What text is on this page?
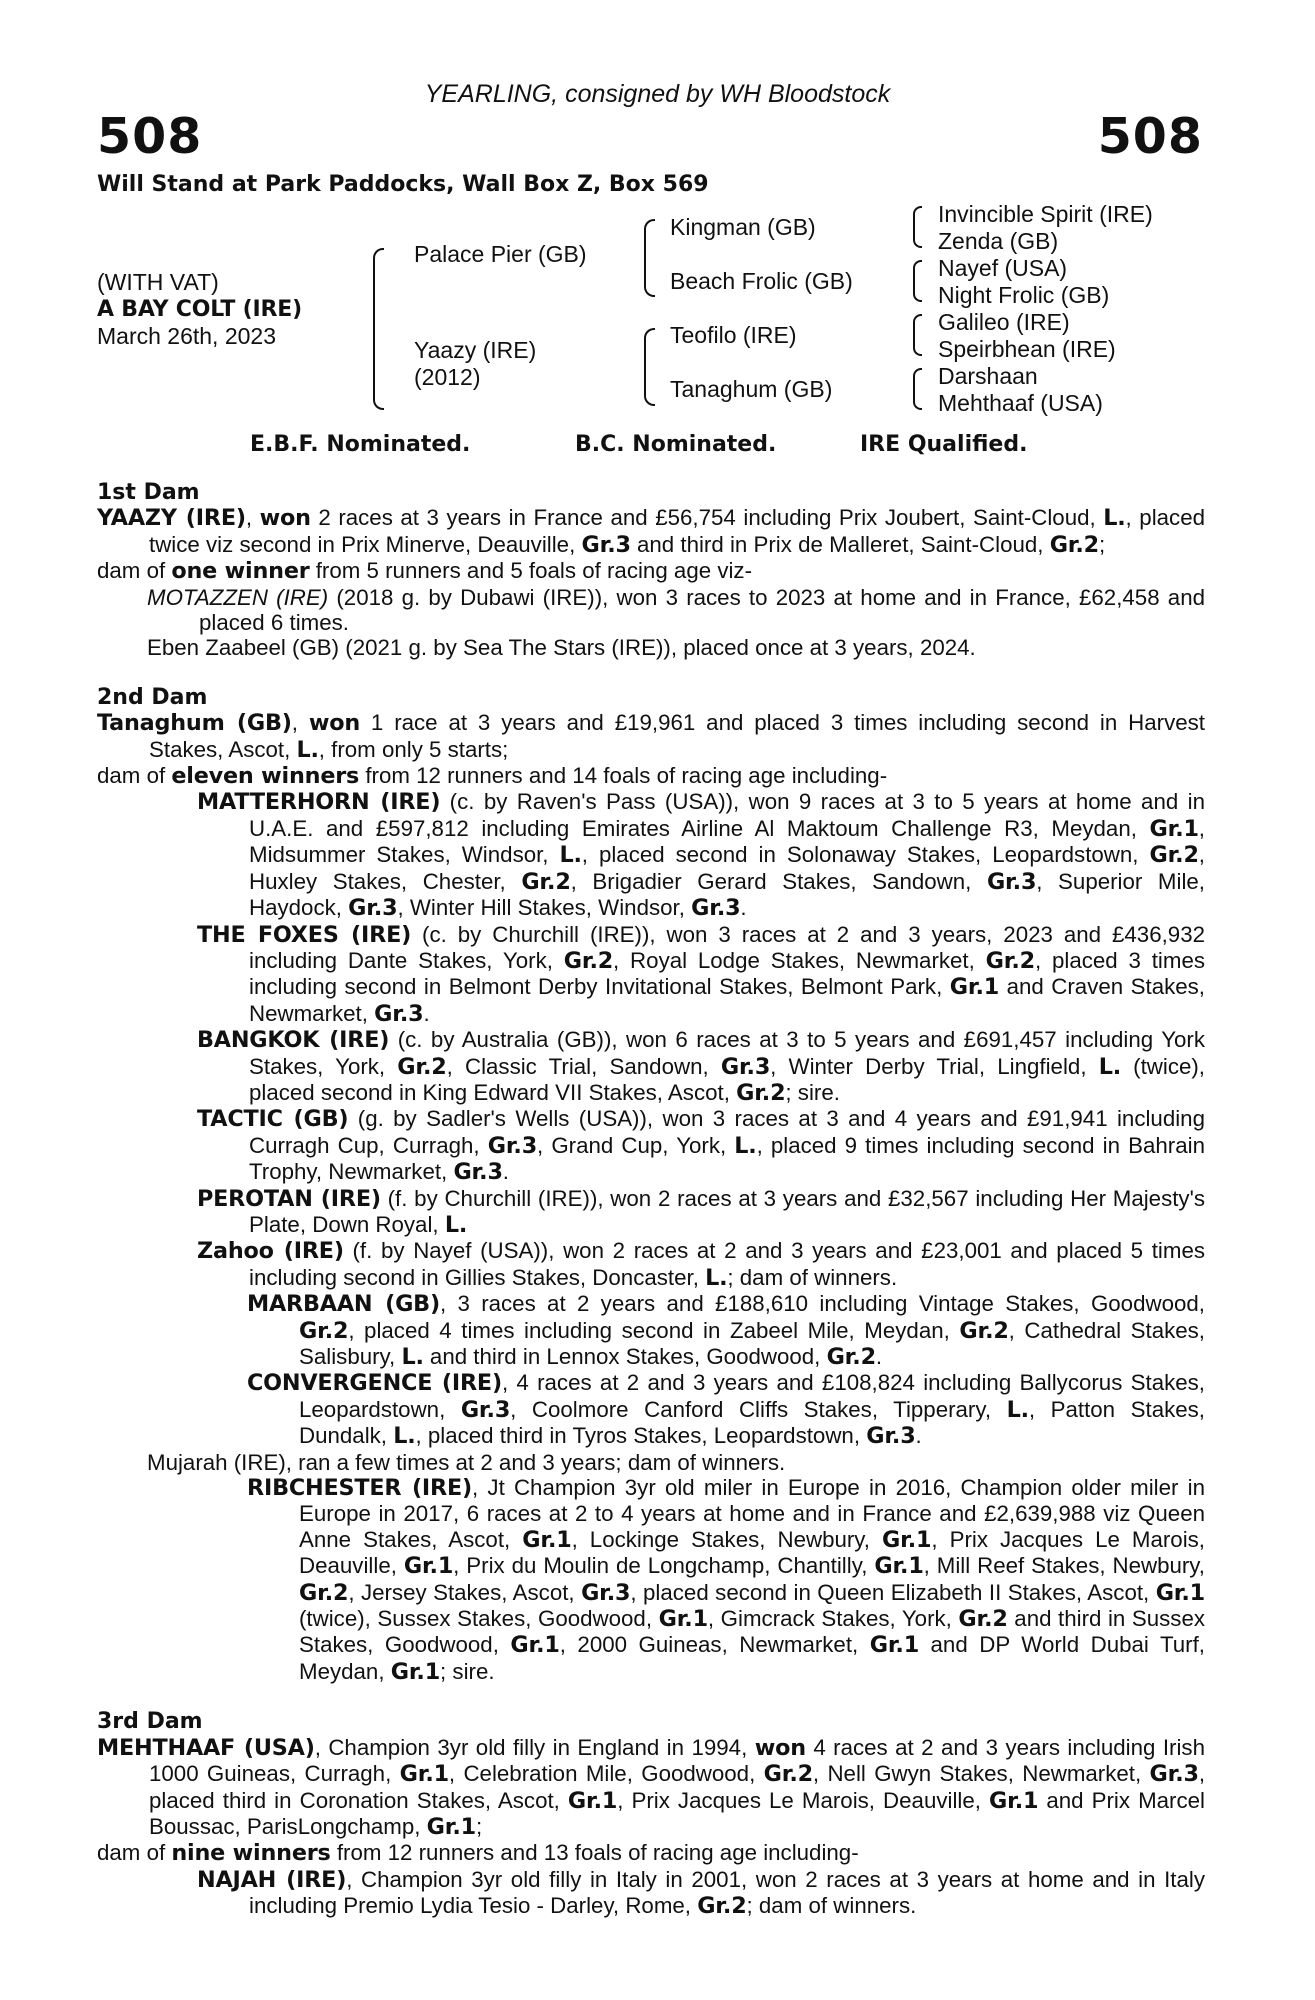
YEARLING, consigned by WH Bloodstock
508	508
Will Stand at Park Paddocks, Wall Box Z, Box 569
(WITH VAT)
A BAY COLT (IRE)
March 26th, 2023
Palace Pier (GB)
Yaazy (IRE)
(2012)
Kingman (GB)
Beach Frolic (GB)
Teofilo (IRE)
Tanaghum (GB)
Invincible Spirit (IRE)
Zenda (GB)
Nayef (USA)
Night Frolic (GB)
Galileo (IRE)
Speirbhean (IRE)
Darshaan
Mehthaaf (USA)
E.B.F. Nominated.	B.C. Nominated.	IRE Qualified.
1st Dam
YAAZY (IRE), won 2 races at 3 years in France and £56,754 including Prix Joubert, Saint-Cloud, L., placed twice viz second in Prix Minerve, Deauville, Gr.3 and third in Prix de Malleret, Saint-Cloud, Gr.2;
dam of one winner from 5 runners and 5 foals of racing age viz-
MOTAZZEN (IRE) (2018 g. by Dubawi (IRE)), won 3 races to 2023 at home and in France, £62,458 and placed 6 times.
Eben Zaabeel (GB) (2021 g. by Sea The Stars (IRE)), placed once at 3 years, 2024.
2nd Dam
Tanaghum (GB), won 1 race at 3 years and £19,961 and placed 3 times including second in Harvest Stakes, Ascot, L., from only 5 starts;
dam of eleven winners from 12 runners and 14 foals of racing age including-
MATTERHORN (IRE) (c. by Raven's Pass (USA)), won 9 races at 3 to 5 years at home and in U.A.E. and £597,812 including Emirates Airline Al Maktoum Challenge R3, Meydan, Gr.1, Midsummer Stakes, Windsor, L., placed second in Solonaway Stakes, Leopardstown, Gr.2, Huxley Stakes, Chester, Gr.2, Brigadier Gerard Stakes, Sandown, Gr.3, Superior Mile, Haydock, Gr.3, Winter Hill Stakes, Windsor, Gr.3.
THE FOXES (IRE) (c. by Churchill (IRE)), won 3 races at 2 and 3 years, 2023 and £436,932 including Dante Stakes, York, Gr.2, Royal Lodge Stakes, Newmarket, Gr.2, placed 3 times including second in Belmont Derby Invitational Stakes, Belmont Park, Gr.1 and Craven Stakes, Newmarket, Gr.3.
BANGKOK (IRE) (c. by Australia (GB)), won 6 races at 3 to 5 years and £691,457 including York Stakes, York, Gr.2, Classic Trial, Sandown, Gr.3, Winter Derby Trial, Lingfield, L. (twice), placed second in King Edward VII Stakes, Ascot, Gr.2; sire.
TACTIC (GB) (g. by Sadler's Wells (USA)), won 3 races at 3 and 4 years and £91,941 including Curragh Cup, Curragh, Gr.3, Grand Cup, York, L., placed 9 times including second in Bahrain Trophy, Newmarket, Gr.3.
PEROTAN (IRE) (f. by Churchill (IRE)), won 2 races at 3 years and £32,567 including Her Majesty's Plate, Down Royal, L.
Zahoo (IRE) (f. by Nayef (USA)), won 2 races at 2 and 3 years and £23,001 and placed 5 times including second in Gillies Stakes, Doncaster, L.; dam of winners.
MARBAAN (GB), 3 races at 2 years and £188,610 including Vintage Stakes, Goodwood, Gr.2, placed 4 times including second in Zabeel Mile, Meydan, Gr.2, Cathedral Stakes, Salisbury, L. and third in Lennox Stakes, Goodwood, Gr.2.
CONVERGENCE (IRE), 4 races at 2 and 3 years and £108,824 including Ballycorus Stakes, Leopardstown, Gr.3, Coolmore Canford Cliffs Stakes, Tipperary, L., Patton Stakes, Dundalk, L., placed third in Tyros Stakes, Leopardstown, Gr.3.
Mujarah (IRE), ran a few times at 2 and 3 years; dam of winners.
RIBCHESTER (IRE), Jt Champion 3yr old miler in Europe in 2016, Champion older miler in Europe in 2017, 6 races at 2 to 4 years at home and in France and £2,639,988 viz Queen Anne Stakes, Ascot, Gr.1, Lockinge Stakes, Newbury, Gr.1, Prix Jacques Le Marois, Deauville, Gr.1, Prix du Moulin de Longchamp, Chantilly, Gr.1, Mill Reef Stakes, Newbury, Gr.2, Jersey Stakes, Ascot, Gr.3, placed second in Queen Elizabeth II Stakes, Ascot, Gr.1 (twice), Sussex Stakes, Goodwood, Gr.1, Gimcrack Stakes, York, Gr.2 and third in Sussex Stakes, Goodwood, Gr.1, 2000 Guineas, Newmarket, Gr.1 and DP World Dubai Turf, Meydan, Gr.1; sire.
3rd Dam
MEHTHAAF (USA), Champion 3yr old filly in England in 1994, won 4 races at 2 and 3 years including Irish 1000 Guineas, Curragh, Gr.1, Celebration Mile, Goodwood, Gr.2, Nell Gwyn Stakes, Newmarket, Gr.3, placed third in Coronation Stakes, Ascot, Gr.1, Prix Jacques Le Marois, Deauville, Gr.1 and Prix Marcel Boussac, ParisLongchamp, Gr.1;
dam of nine winners from 12 runners and 13 foals of racing age including-
NAJAH (IRE), Champion 3yr old filly in Italy in 2001, won 2 races at 3 years at home and in Italy including Premio Lydia Tesio - Darley, Rome, Gr.2; dam of winners.
